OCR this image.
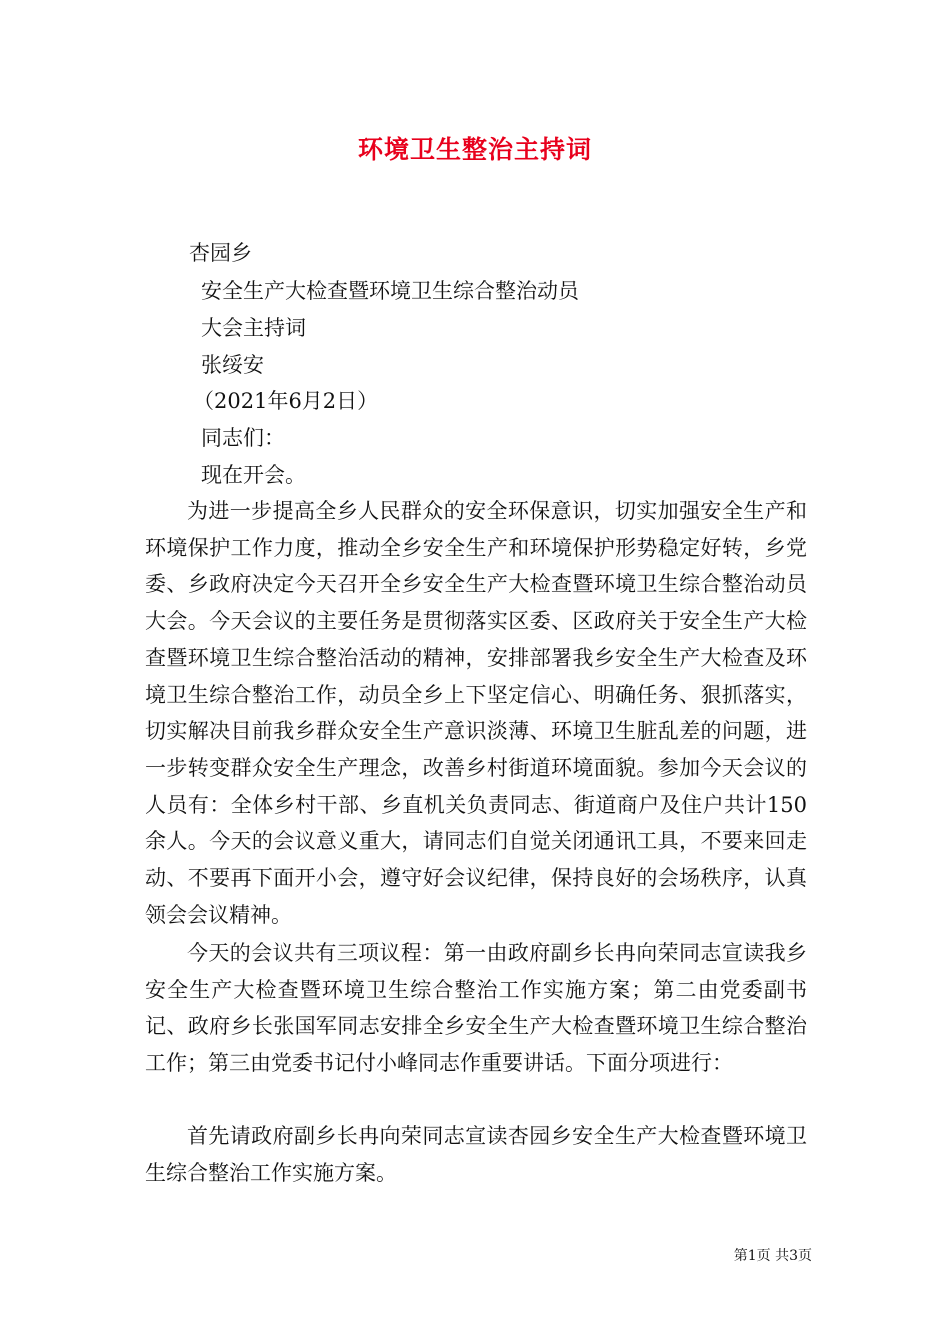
环境卫生整治主持词
杏园乡
安全生产大检查暨环境卫生综合整治动员
大会主持词
张绥安
（2021年6月2日）
同志们：
现在开会。

为进一步提高全乡人民群众的安全环保意识，切实加强安全生产和环境保护工作力度，推动全乡安全生产和环境保护形势稳定好转，乡党委、乡政府决定今天召开全乡安全生产大检查暨环境卫生综合整治动员大会。今天会议的主要任务是贯彻落实区委、区政府关于安全生产大检查暨环境卫生综合整治活动的精神，安排部署我乡安全生产大检查及环境卫生综合整治工作，动员全乡上下坚定信心、明确任务、狠抓落实，切实解决目前我乡群众安全生产意识淡薄、环境卫生脏乱差的问题，进一步转变群众安全生产理念，改善乡村街道环境面貌。参加今天会议的人员有：全体乡村干部、乡直机关负责同志、街道商户及住户共计150余人。今天的会议意义重大，请同志们自觉关闭通讯工具，不要来回走动、不要再下面开小会，遵守好会议纪律，保持良好的会场秩序，认真领会会议精神。

今天的会议共有三项议程：第一由政府副乡长冉向荣同志宣读我乡安全生产大检查暨环境卫生综合整治工作实施方案；第二由党委副书记、政府乡长张国军同志安排全乡安全生产大检查暨环境卫生综合整治工作；第三由党委书记付小峰同志作重要讲话。下面分项进行：

首先请政府副乡长冉向荣同志宣读杏园乡安全生产大检查暨环境卫生综合整治工作实施方案。

第1页 共3页
